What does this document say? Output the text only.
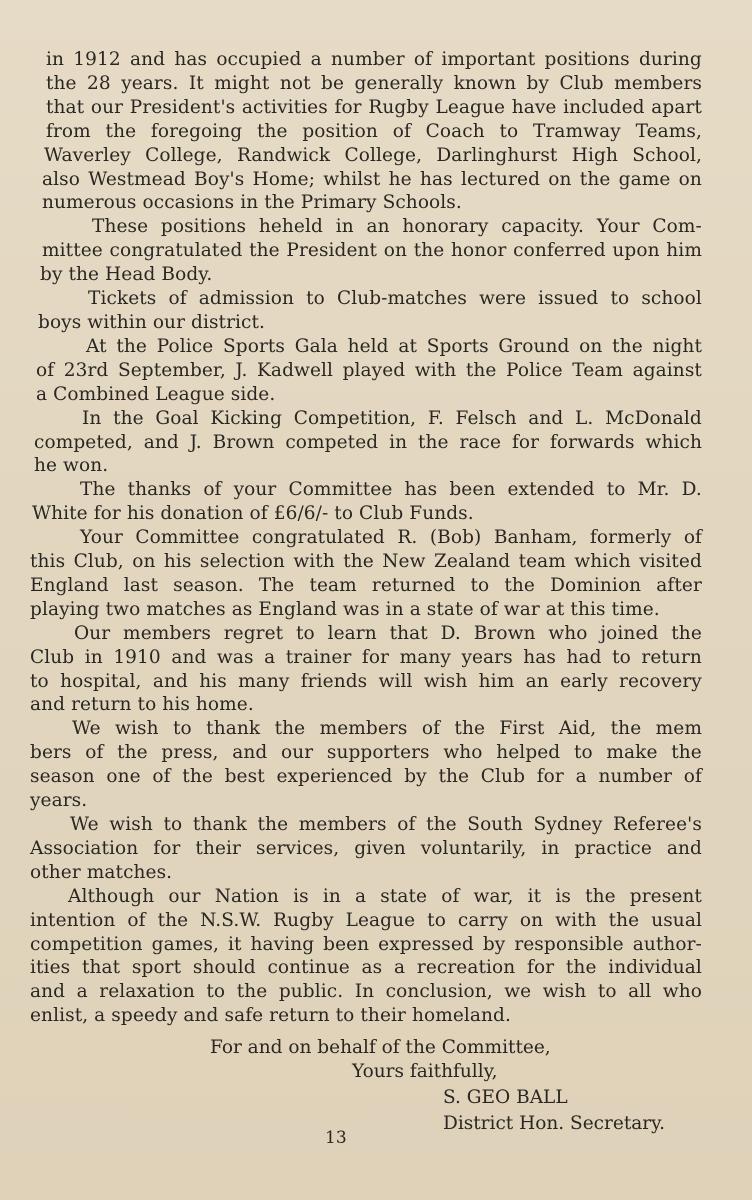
in 1912 and has occupied a number of important positions during
the 28 years. It might not be generally known by Club members
that our President's activities for Rugby League have included apart
from the foregoing the position of Coach to Tramway Teams,
Waverley College, Randwick College, Darlinghurst High School,
also Westmead Boy's Home; whilst he has lectured on the game on
numerous occasions in the Primary Schools.
These positions heheld in an honorary capacity. Your Com-
mittee congratulated the President on the honor conferred upon him
by the Head Body.
Tickets of admission to Club-matches were issued to school
boys within our district.
At the Police Sports Gala held at Sports Ground on the night
of 23rd September, J. Kadwell played with the Police Team against
a Combined League side.
In the Goal Kicking Competition, F. Felsch and L. McDonald
competed, and J. Brown competed in the race for forwards which
he won.
The thanks of your Committee has been extended to Mr. D.
White for his donation of £6/6/- to Club Funds.
Your Committee congratulated R. (Bob) Banham, formerly of
this Club, on his selection with the New Zealand team which visited
England last season. The team returned to the Dominion after
playing two matches as England was in a state of war at this time.
Our members regret to learn that D. Brown who joined the
Club in 1910 and was a trainer for many years has had to return
to hospital, and his many friends will wish him an early recovery
and return to his home.
We wish to thank the members of the First Aid, the mem
bers of the press, and our supporters who helped to make the
season one of the best experienced by the Club for a number of
years.
We wish to thank the members of the South Sydney Referee's
Association for their services, given voluntarily, in practice and
other matches.
Although our Nation is in a state of war, it is the present
intention of the N.S.W. Rugby League to carry on with the usual
competition games, it having been expressed by responsible author-
ities that sport should continue as a recreation for the individual
and a relaxation to the public. In conclusion, we wish to all who
enlist, a speedy and safe return to their homeland.
For and on behalf of the Committee,
Yours faithfully,
S. GEO BALL
District Hon. Secretary.
13
